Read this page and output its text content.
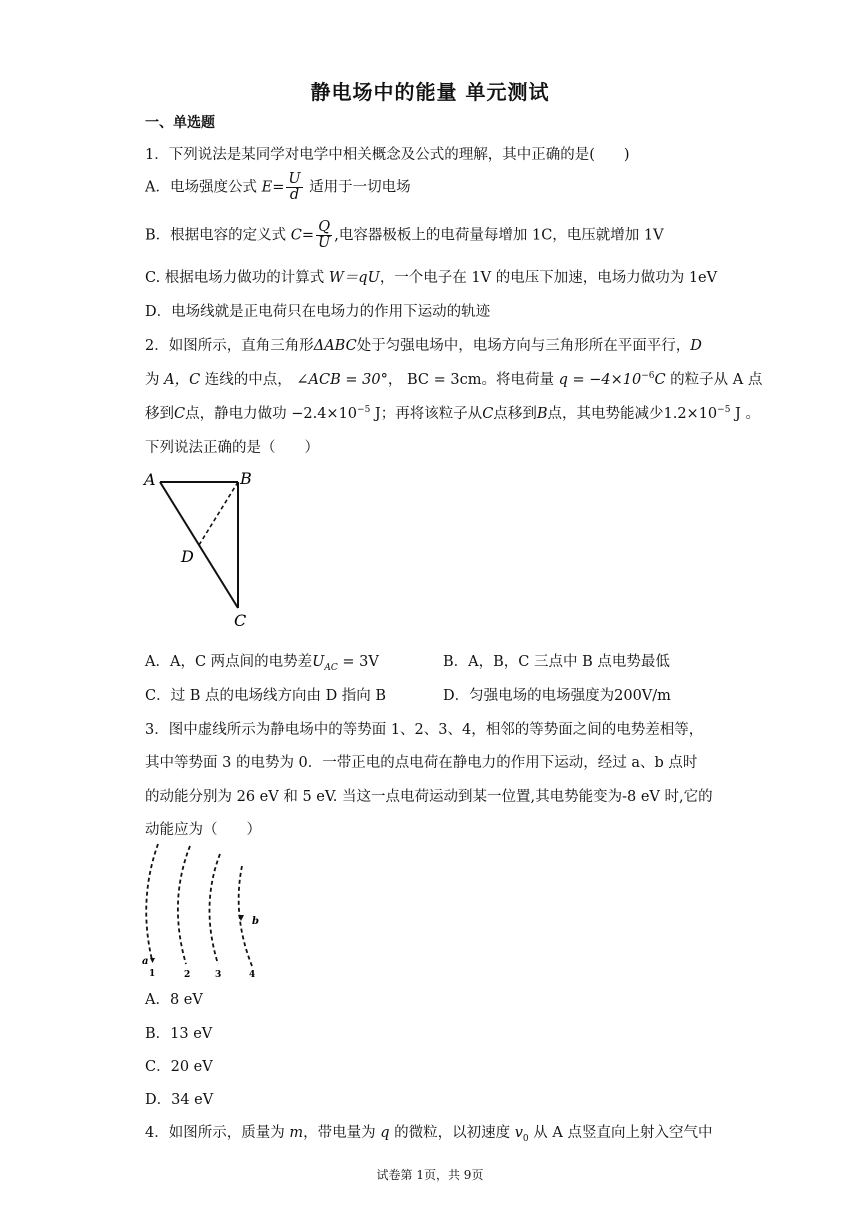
静电场中的能量 单元测试
一、单选题
1．下列说法是某同学对电学中相关概念及公式的理解，其中正确的是(　　)
A．电场强度公式 $E= \frac{U}{d}$ 适用于一切电场
B．根据电容的定义式 $C= \frac{Q}{U}$ ,电容器极板上的电荷量每增加 1C，电压就增加 1V
C. 根据电场力做功的计算式 W＝qU，一个电子在 1V 的电压下加速，电场力做功为 1eV
D．电场线就是正电荷只在电场力的作用下运动的轨迹
2．如图所示，直角三角形ΔABC处于匀强电场中，电场方向与三角形所在平面平行，D
为 A，C 连线的中点， ∠ACB = 30°， BC = 3cm。将电荷量 $q = -4\times 10^{-6}C$ 的粒子从 A 点
移到C点，静电力做功 $-2.4\times 10^{-5}$ J；再将该粒子从C点移到B点，其电势能减少$1.2\times 10^{-5}$ J 。
下列说法正确的是（　　）
A	B
D
C
A．A，C 两点间的电势差$U_{AC} = 3V$	B．A，B，C 三点中 B 点电势最低
C．过 B 点的电场线方向由 D 指向 B	D．匀强电场的电场强度为200V/m
3．图中虚线所示为静电场中的等势面 1、2、3、4，相邻的等势面之间的电势差相等，
其中等势面 3 的电势为 0．一带正电的点电荷在静电力的作用下运动，经过 a、b 点时
的动能分别为 26 eV 和 5 eV. 当这一点电荷运动到某一位置,其电势能变为-8 eV 时,它的
动能应为（　　）
b
a
1	2	3	4
A．8 eV
B．13 eV
C．20 eV
D．34 eV
4．如图所示，质量为 m，带电量为 q 的微粒，以初速度 $v_0$ 从 A 点竖直向上射入空气中
试卷第 1页，共 9页
